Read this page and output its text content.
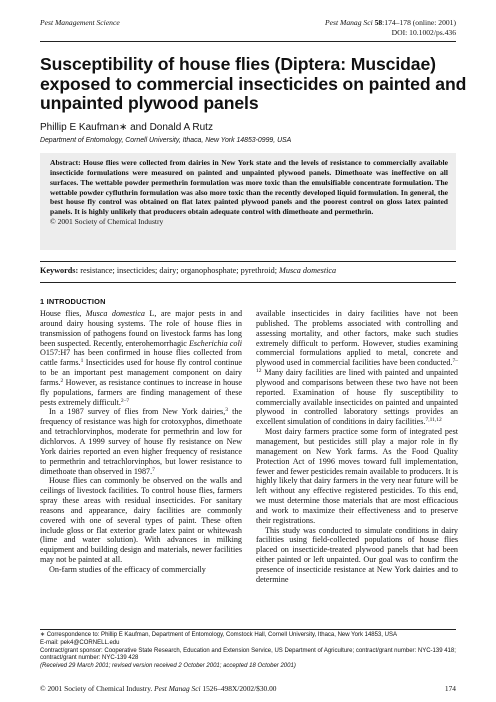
Pest Management Science	Pest Manag Sci 58:174–178 (online: 2001)
DOI: 10.1002/ps.436
Susceptibility of house flies (Diptera: Muscidae) exposed to commercial insecticides on painted and unpainted plywood panels
Phillip E Kaufman∗ and Donald A Rutz
Department of Entomology, Cornell University, Ithaca, New York 14853-0999, USA
Abstract: House flies were collected from dairies in New York state and the levels of resistance to commercially available insecticide formulations were measured on painted and unpainted plywood panels. Dimethoate was ineffective on all surfaces. The wettable powder permethrin formulation was more toxic than the emulsifiable concentrate formulation. The wettable powder cyfluthrin formulation was also more toxic than the recently developed liquid formulation. In general, the best house fly control was obtained on flat latex painted plywood panels and the poorest control on gloss latex painted panels. It is highly unlikely that producers obtain adequate control with dimethoate and permethrin.
© 2001 Society of Chemical Industry
Keywords: resistance; insecticides; dairy; organophosphate; pyrethroid; Musca domestica
1 INTRODUCTION

House flies, Musca domestica L, are major pests in and around dairy housing systems. The role of house flies in transmission of pathogens found on livestock farms has long been suspected. Recently, enterohemorrhagic Escherichia coli O157:H7 has been confirmed in house flies collected from cattle farms.$^1$ Insecticides used for house fly control continue to be an important pest management component on dairy farms.$^2$ However, as resistance continues to increase in house fly populations, farmers are finding management of these pests extremely difficult.$^{2-7}$

In a 1987 survey of flies from New York dairies,$^3$ the frequency of resistance was high for crotoxyphos, dimethoate and tetrachlorvinphos, moderate for permethrin and low for dichlorvos. A 1999 survey of house fly resistance on New York dairies reported an even higher frequency of resistance to permethrin and tetrachlorvinphos, but lower resistance to dimethoate than observed in 1987.$^7$

House flies can commonly be observed on the walls and ceilings of livestock facilities. To control house flies, farmers spray these areas with residual insecticides. For sanitary reasons and appearance, dairy facilities are commonly covered with one of several types of paint. These often include gloss or flat exterior grade latex paint or whitewash (lime and water solution). With advances in milking equipment and building design and materials, newer facilities may not be painted at all.

On-farm studies of the efficacy of commercially

available insecticides in dairy facilities have not been published. The problems associated with controlling and assessing mortality, and other factors, make such studies extremely difficult to perform. However, studies examining commercial formulations applied to metal, concrete and plywood used in commercial facilities have been conducted.$^{7-12}$ Many dairy facilities are lined with painted and unpainted plywood and comparisons between these two have not been reported. Examination of house fly susceptibility to commercially available insecticides on painted and unpainted plywood in controlled laboratory settings provides an excellent simulation of conditions in dairy facilities.$^{7,11,12}$

Most dairy farmers practice some form of integrated pest management, but pesticides still play a major role in fly management on New York farms. As the Food Quality Protection Act of 1996 moves toward full implementation, fewer and fewer pesticides remain available to producers. It is highly likely that dairy farmers in the very near future will be left without any effective registered pesticides. To this end, we must determine those materials that are most efficacious and work to maximize their effectiveness and to preserve their registrations.

This study was conducted to simulate conditions in dairy facilities using field-collected populations of house flies placed on insecticide-treated plywood panels that had been either painted or left unpainted. Our goal was to confirm the presence of insecticide resistance at New York dairies and to determine

∗ Correspondence to: Phillip E Kaufman, Department of Entomology, Comstock Hall, Cornell University, Ithaca, New York 14853, USA
E-mail: pek4@CORNELL.edu
Contract/grant sponsor: Cooperative State Research, Education and Extension Service, US Department of Agriculture; contract/grant number: NYC-139 418; contract/grant number: NYC-139 428
(Received 29 March 2001; revised version received 2 October 2001; accepted 18 October 2001)
© 2001 Society of Chemical Industry. Pest Manag Sci 1526–498X/2002/$30.00	174
